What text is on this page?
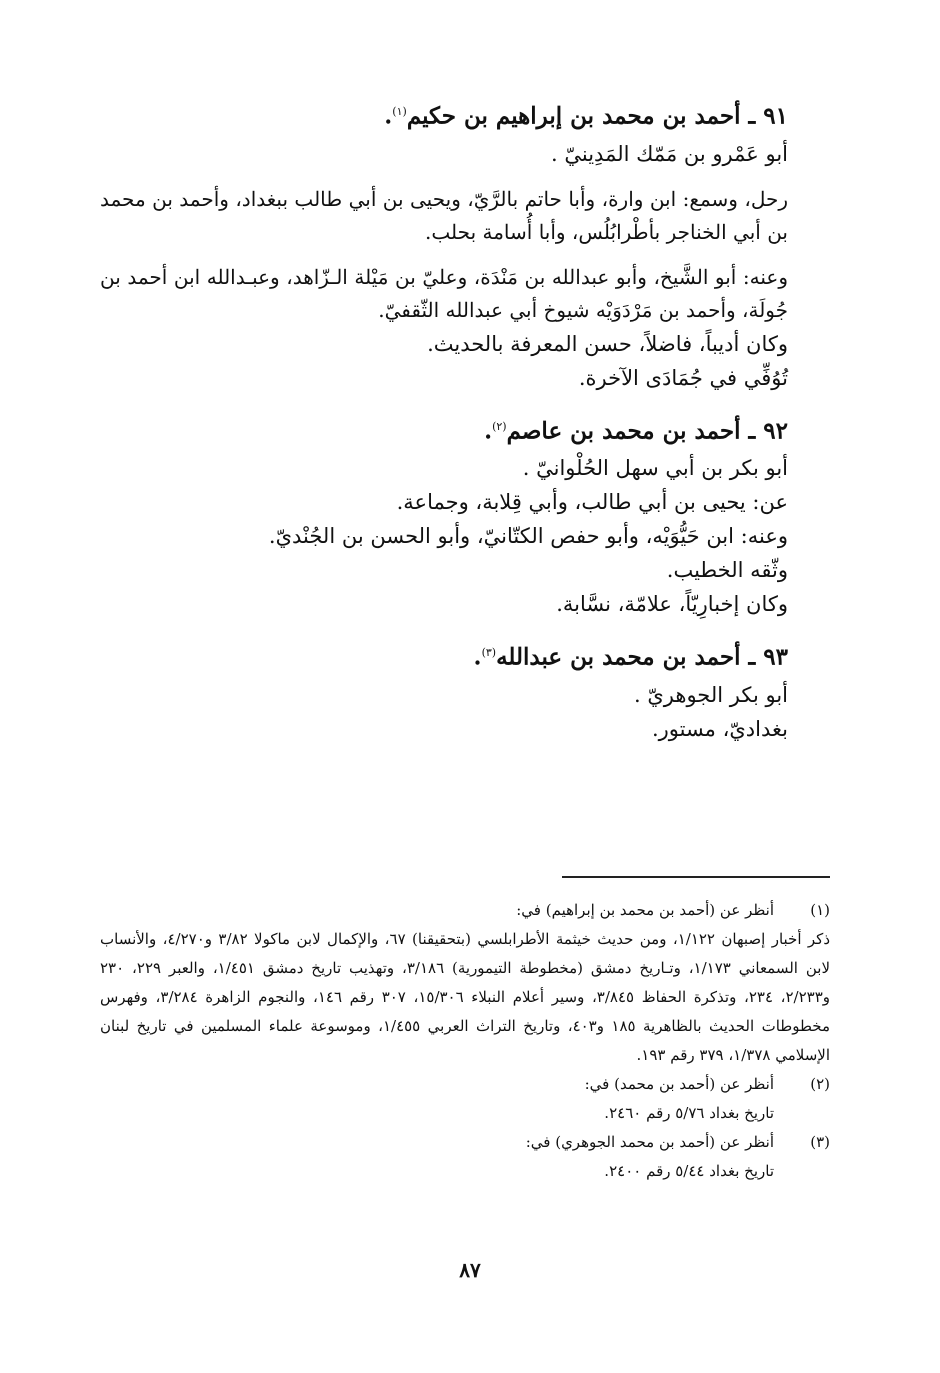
٩١ ـ أحمد بن محمد بن إبراهيم بن حكيم$^{(١)}$.
أبو عَمْرو بن مَمّك المَدِينيّ .
رحل، وسمع: ابن وارة، وأبا حاتم بالرَّيّ، ويحيى بن أبي طالب ببغداد، وأحمد بن محمد بن أبي الخناجر بأطْرابُلُس، وأبا أُسامة بحلب.
وعنه: أبو الشَّيخ، وأبو عبدالله بن مَنْدَة، وعليّ بن مَيْلة الـزّاهد، وعبـدالله ابن أحمد بن جُولَة، وأحمد بن مَرْدَوَيْه شيوخ أبي عبدالله الثّقفيّ.
وكان أديباً، فاضلاً، حسن المعرفة بالحديث.
تُوُفِّي في جُمَادَى الآخرة.
٩٢ ـ أحمد بن محمد بن عاصم$^{(٢)}$.
أبو بكر بن أبي سهل الحُلْوانيّ .
عن: يحيى بن أبي طالب، وأبي قِلابة، وجماعة.
وعنه: ابن حَيُّوَيْه، وأبو حفص الكتّانيّ، وأبو الحسن بن الجُنْديّ.
وثّقه الخطيب.
وكان إخبارِيّاً، علامّة، نسَّابة.
٩٣ ـ أحمد بن محمد بن عبدالله$^{(٣)}$.
أبو بكر الجوهريّ .
بغداديّ، مستور.
(١)
أنظر عن (أحمد بن محمد بن إبراهيم) في:
ذكر أخبار إصبهان ١/١٢٢، ومن حديث خيثمة الأطرابلسي (بتحقيقنا) ٦٧، والإكمال لابن ماكولا ٣/٨٢ و٤/٢٧٠، والأنساب لابن السمعاني ١/١٧٣، وتـاريخ دمشق (مخطوطة التيمورية) ٣/١٨٦، وتهذيب تاريخ دمشق ١/٤٥١، والعبر ٢٢٩، ٢٣٠ و٢/٢٣٣، ٢٣٤، وتذكرة الحفاظ ٣/٨٤٥، وسير أعلام النبلاء ١٥/٣٠٦، ٣٠٧ رقم ١٤٦، والنجوم الزاهرة ٣/٢٨٤، وفهرس مخطوطات الحديث بالظاهرية ١٨٥ و٤٠٣، وتاريخ التراث العربي ١/٤٥٥، وموسوعة علماء المسلمين في تاريخ لبنان الإسلامي ١/٣٧٨، ٣٧٩ رقم ١٩٣.
(٢)
أنظر عن (أحمد بن محمد) في:
تاريخ بغداد ٥/٧٦ رقم ٢٤٦٠.
(٣)
أنظر عن (أحمد بن محمد الجوهري) في:
تاريخ بغداد ٥/٤٤ رقم ٢٤٠٠.
٨٧
